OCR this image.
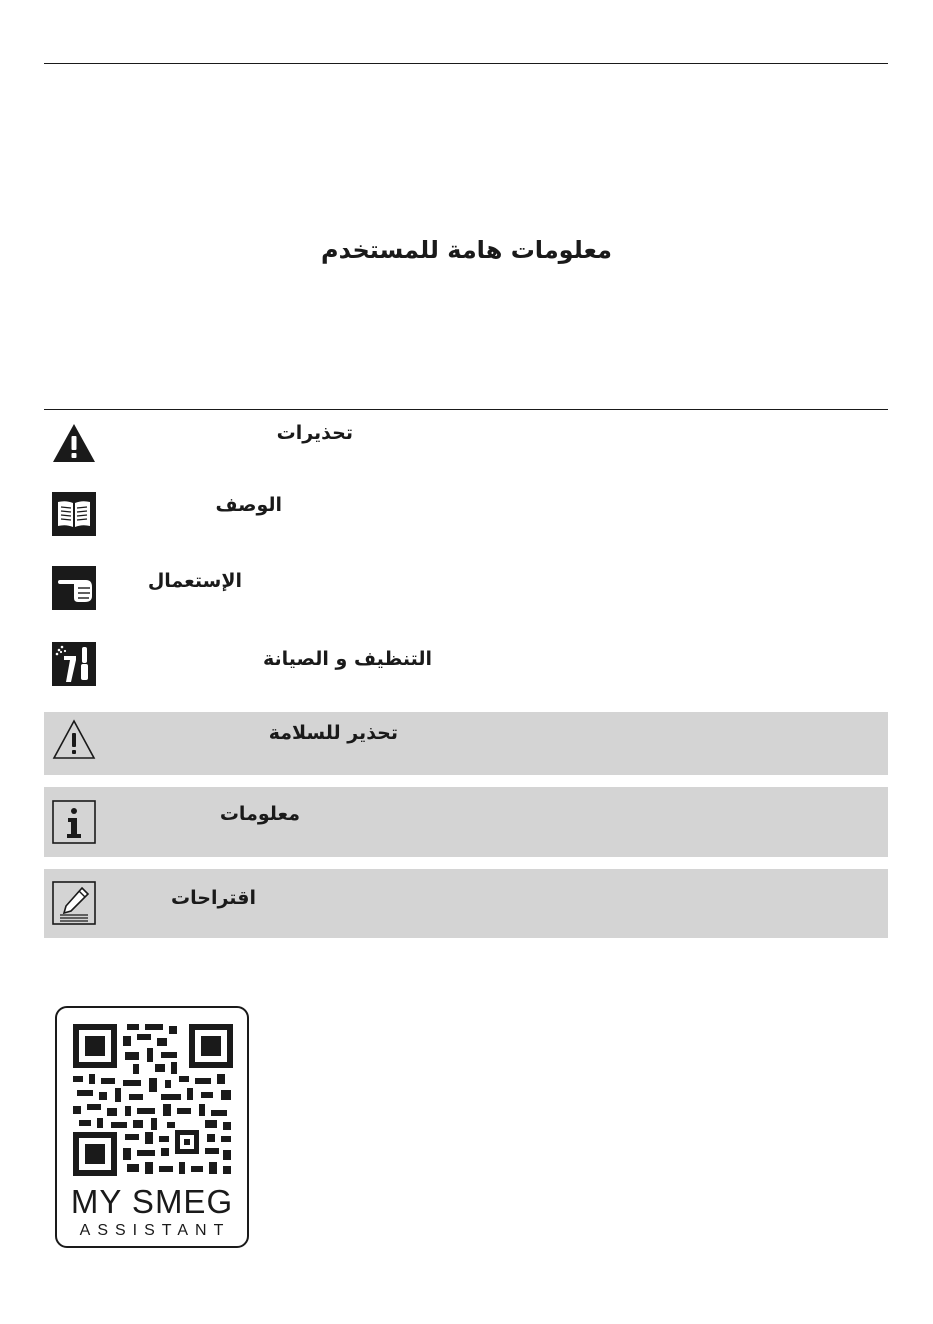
معلومات هامة للمستخدم
تحذيرات
الوصف
الإستعمال
التنظيف و الصيانة
تحذير للسلامة
معلومات
اقتراحات
MY SMEG
ASSISTANT
